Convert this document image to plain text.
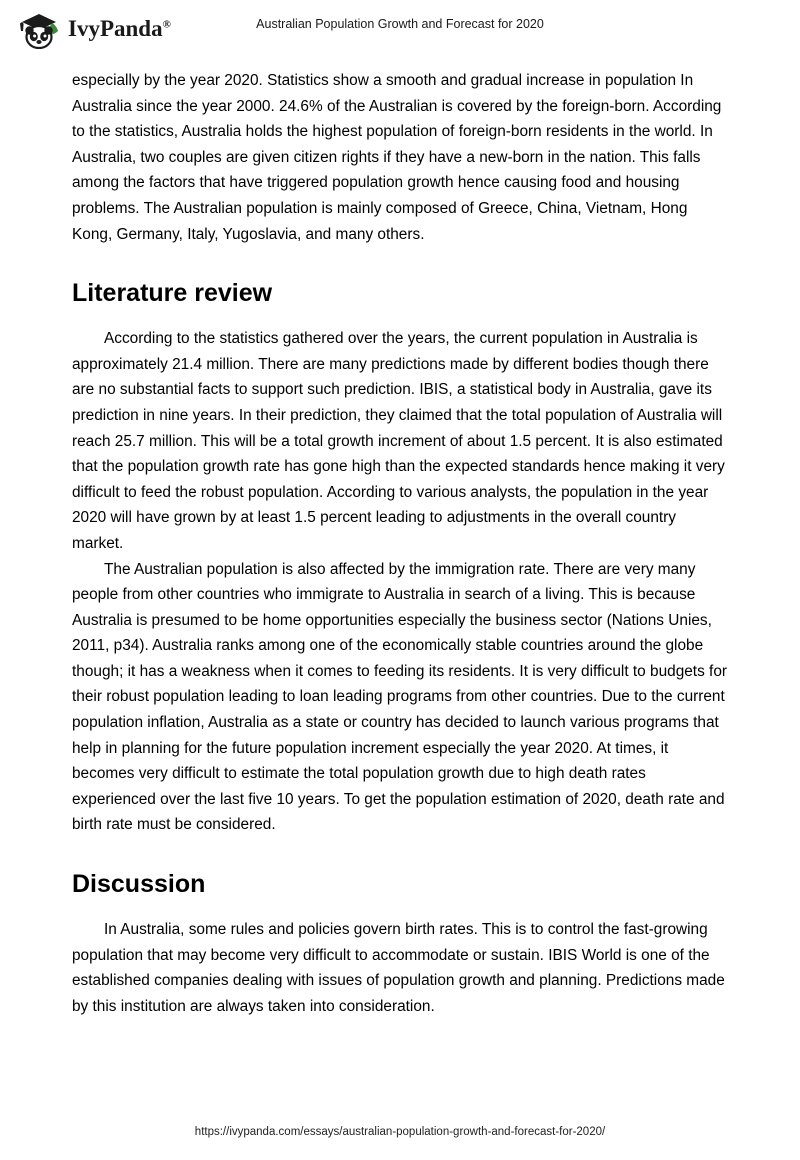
IvyPanda®	Australian Population Growth and Forecast for 2020

especially by the year 2020. Statistics show a smooth and gradual increase in population In Australia since the year 2000. 24.6% of the Australian is covered by the foreign-born. According to the statistics, Australia holds the highest population of foreign-born residents in the world. In Australia, two couples are given citizen rights if they have a new-born in the nation. This falls among the factors that have triggered population growth hence causing food and housing problems. The Australian population is mainly composed of Greece, China, Vietnam, Hong Kong, Germany, Italy, Yugoslavia, and many others.

Literature review

According to the statistics gathered over the years, the current population in Australia is approximately 21.4 million. There are many predictions made by different bodies though there are no substantial facts to support such prediction. IBIS, a statistical body in Australia, gave its prediction in nine years. In their prediction, they claimed that the total population of Australia will reach 25.7 million. This will be a total growth increment of about 1.5 percent. It is also estimated that the population growth rate has gone high than the expected standards hence making it very difficult to feed the robust population. According to various analysts, the population in the year 2020 will have grown by at least 1.5 percent leading to adjustments in the overall country market.

The Australian population is also affected by the immigration rate. There are very many people from other countries who immigrate to Australia in search of a living. This is because Australia is presumed to be home opportunities especially the business sector (Nations Unies, 2011, p34). Australia ranks among one of the economically stable countries around the globe though; it has a weakness when it comes to feeding its residents. It is very difficult to budgets for their robust population leading to loan leading programs from other countries. Due to the current population inflation, Australia as a state or country has decided to launch various programs that help in planning for the future population increment especially the year 2020. At times, it becomes very difficult to estimate the total population growth due to high death rates experienced over the last five 10 years. To get the population estimation of 2020, death rate and birth rate must be considered.

Discussion

In Australia, some rules and policies govern birth rates. This is to control the fast-growing population that may become very difficult to accommodate or sustain. IBIS World is one of the established companies dealing with issues of population growth and planning. Predictions made by this institution are always taken into consideration.

https://ivypanda.com/essays/australian-population-growth-and-forecast-for-2020/
